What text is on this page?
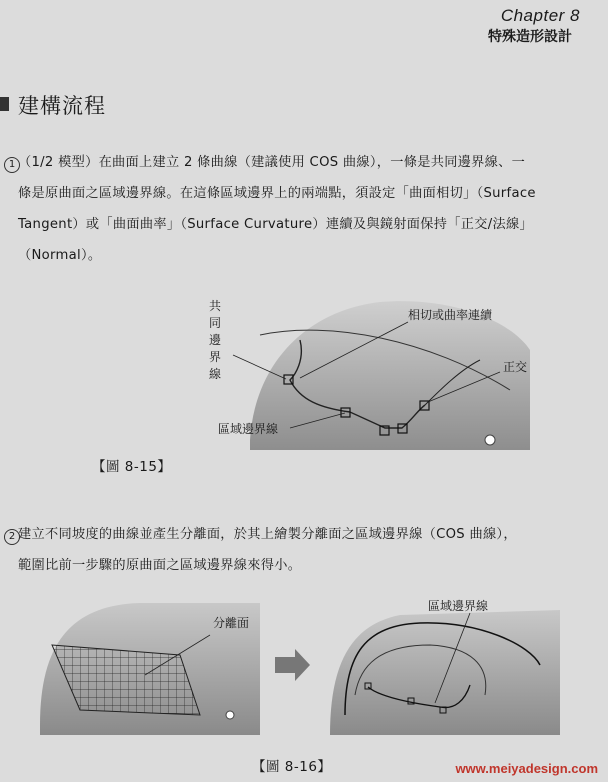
Chapter 8
特殊造形設計
建構流程
1 （1/2 模型）在曲面上建立 2 條曲線（建議使用 COS 曲線），一條是共同邊界線、一
條是原曲面之區域邊界線。在這條區域邊界上的兩端點，須設定「曲面相切」（Surface
Tangent）或「曲面曲率」（Surface Curvature）連續及與鏡射面保持「正交/法線」
（Normal）。
共
同
邊
界
線
相切或曲率連續
正交
區域邊界線
【圖 8-15】
2 建立不同坡度的曲線並產生分離面，於其上繪製分離面之區域邊界線（COS 曲線），
範圍比前一步驟的原曲面之區域邊界線來得小。
分離面
區域邊界線
【圖 8-16】	www.meiyadesign.com
